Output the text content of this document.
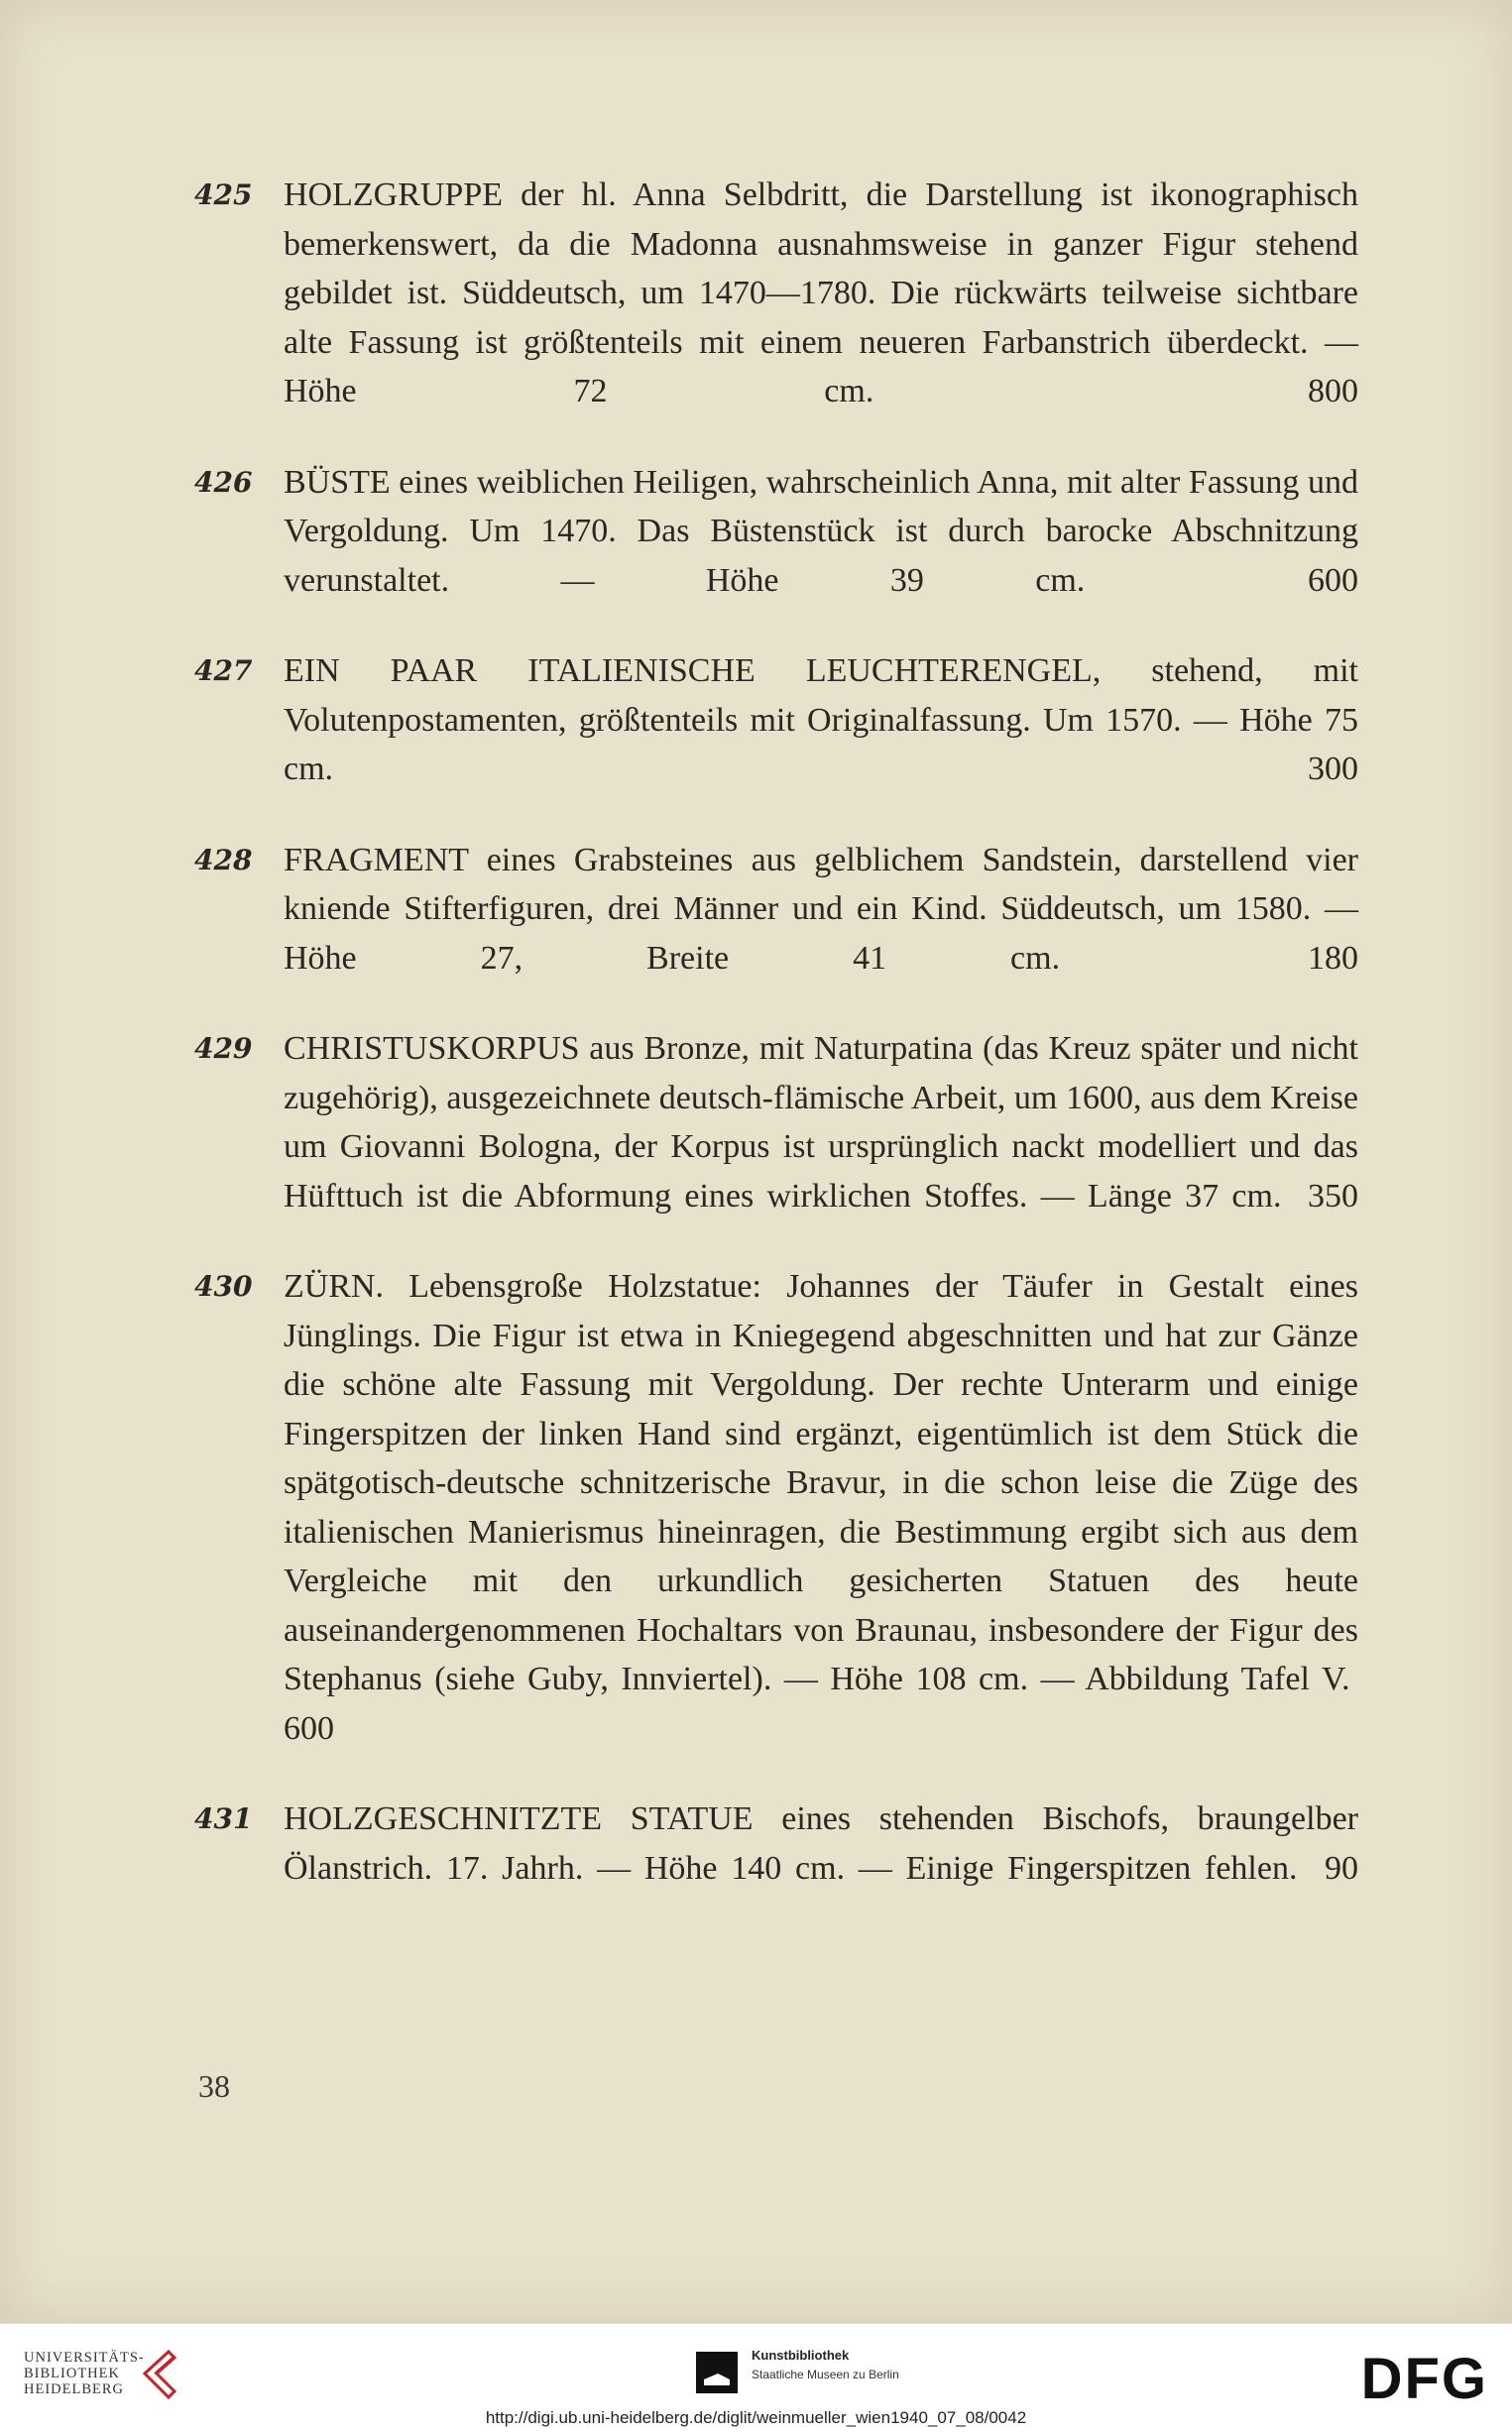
425 HOLZGRUPPE der hl. Anna Selbdritt, die Darstellung ist ikonographisch bemerkenswert, da die Madonna ausnahmsweise in ganzer Figur stehend gebildet ist. Süddeutsch, um 1470—1780. Die rückwärts teilweise sichtbare alte Fassung ist größtenteils mit einem neueren Farbanstrich überdeckt. — Höhe 72 cm.	800
426 BÜSTE eines weiblichen Heiligen, wahrscheinlich Anna, mit alter Fassung und Vergoldung. Um 1470. Das Büstenstück ist durch barocke Abschnitzung verunstaltet. — Höhe 39 cm.	600
427 EIN PAAR ITALIENISCHE LEUCHTERENGEL, stehend, mit Volutenpostamenten, größtenteils mit Originalfassung. Um 1570. — Höhe 75 cm.	300
428 FRAGMENT eines Grabsteines aus gelblichem Sandstein, darstellend vier kniende Stifterfiguren, drei Männer und ein Kind. Süddeutsch, um 1580. — Höhe 27, Breite 41 cm.	180
429 CHRISTUSKORPUS aus Bronze, mit Naturpatina (das Kreuz später und nicht zugehörig), ausgezeichnete deutsch-flämische Arbeit, um 1600, aus dem Kreise um Giovanni Bologna, der Korpus ist ursprünglich nackt modelliert und das Hüfttuch ist die Abformung eines wirklichen Stoffes. — Länge 37 cm. 350
430 ZÜRN. Lebensgroße Holzstatue: Johannes der Täufer in Gestalt eines Jünglings. Die Figur ist etwa in Kniegegend abgeschnitten und hat zur Gänze die schöne alte Fassung mit Vergoldung. Der rechte Unterarm und einige Fingerspitzen der linken Hand sind ergänzt, eigentümlich ist dem Stück die spätgotisch-deutsche schnitzerische Bravur, in die schon leise die Züge des italienischen Manierismus hineinragen, die Bestimmung ergibt sich aus dem Vergleiche mit den urkundlich gesicherten Statuen des heute auseinandergenommenen Hochaltars von Braunau, insbesondere der Figur des Stephanus (siehe Guby, Innviertel). — Höhe 108 cm. — Abbildung Tafel V.  600
431 HOLZGESCHNITZTE STATUE eines stehenden Bischofs, braungelber Ölanstrich. 17. Jahrh. — Höhe 140 cm. — Einige Fingerspitzen fehlen. 90
38
UNIVERSITÄTS-
BIBLIOTHEK
HEIDELBERG
Kunstbibliothek
Staatliche Museen zu Berlin	DFG
http://digi.ub.uni-heidelberg.de/diglit/weinmueller_wien1940_07_08/0042
